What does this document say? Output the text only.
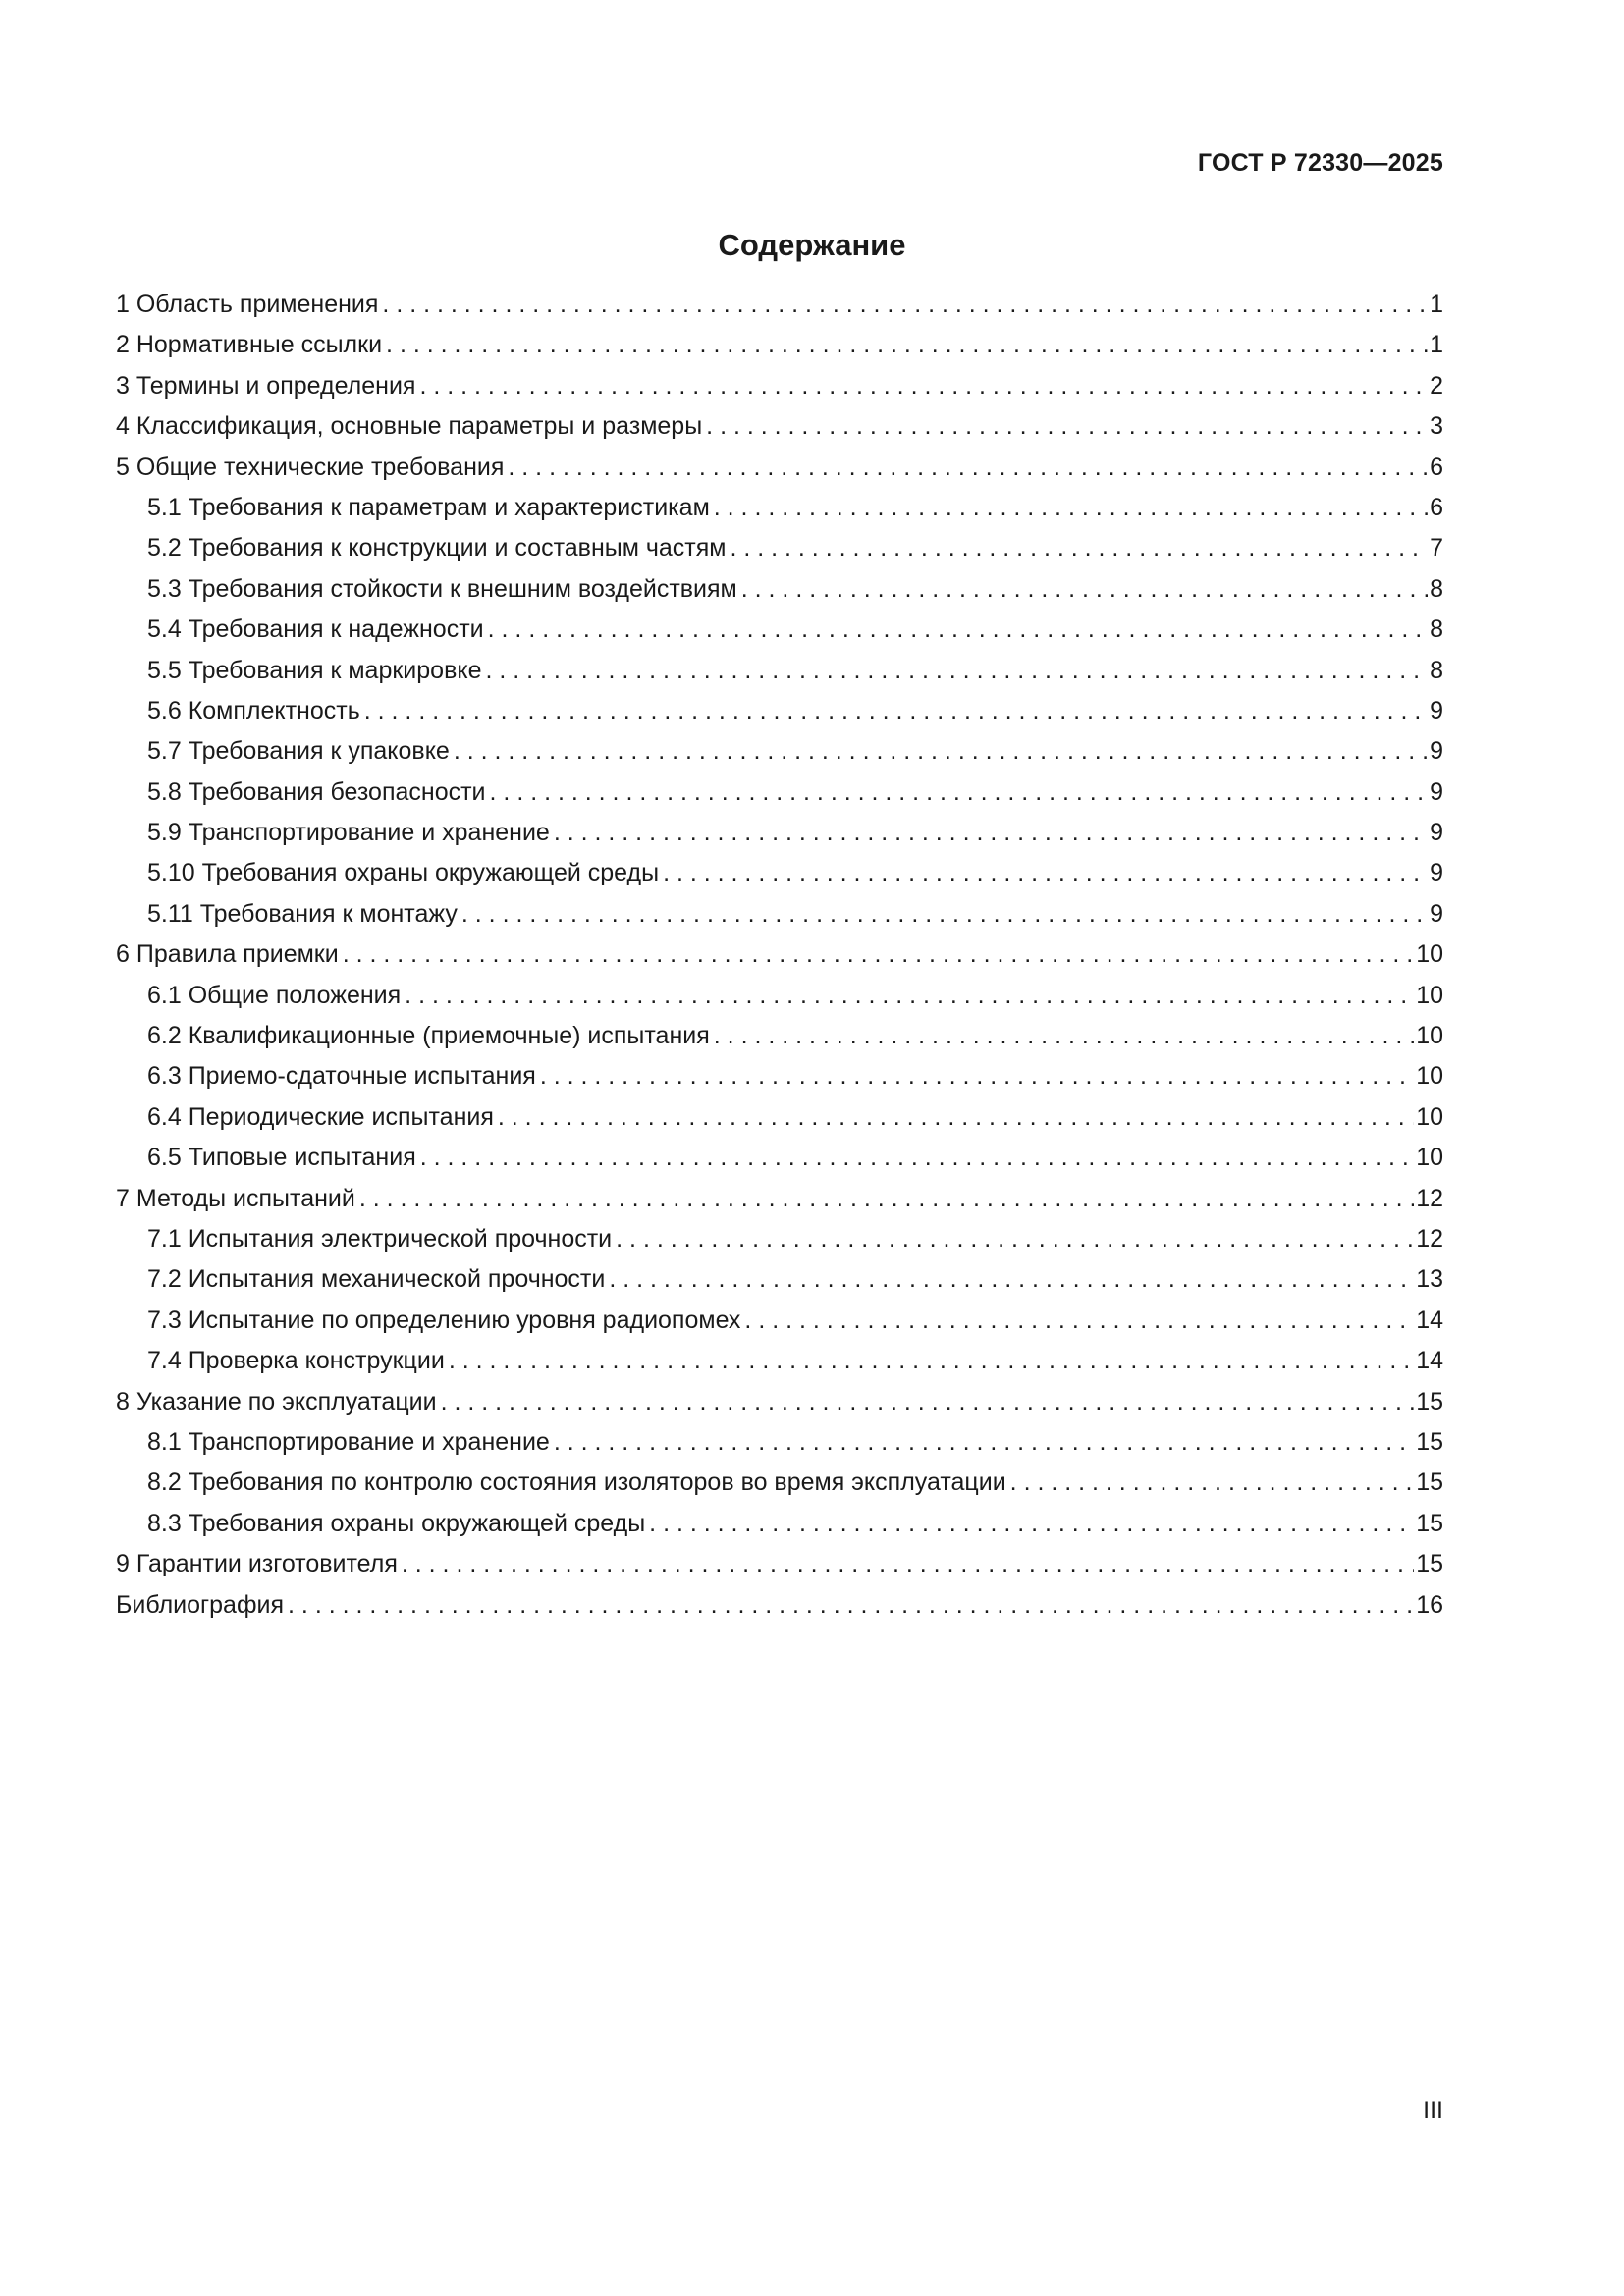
ГОСТ Р 72330—2025
Содержание
1 Область применения . . .	1
2 Нормативные ссылки . . .	1
3 Термины и определения . . .	2
4 Классификация, основные параметры и размеры . . .	3
5 Общие технические требования . . .	6
5.1 Требования к параметрам и характеристикам . . .	6
5.2 Требования к конструкции и составным частям . . .	7
5.3 Требования стойкости к внешним воздействиям . . .	8
5.4 Требования к надежности . . .	8
5.5 Требования к маркировке . . .	8
5.6 Комплектность . . .	9
5.7 Требования к упаковке . . .	9
5.8 Требования безопасности . . .	9
5.9 Транспортирование и хранение . . .	9
5.10 Требования охраны окружающей среды . . .	9
5.11 Требования к монтажу . . .	9
6 Правила приемки . . .	10
6.1 Общие положения . . .	10
6.2 Квалификационные (приемочные) испытания . . .	10
6.3 Приемо-сдаточные испытания . . .	10
6.4 Периодические испытания . . .	10
6.5 Типовые испытания . . .	10
7 Методы испытаний . . .	12
7.1 Испытания электрической прочности . . .	12
7.2 Испытания механической прочности . . .	13
7.3 Испытание по определению уровня радиопомех . . .	14
7.4 Проверка конструкции . . .	14
8 Указание по эксплуатации . . .	15
8.1 Транспортирование и хранение . . .	15
8.2 Требования по контролю состояния изоляторов во время эксплуатации . . .	15
8.3 Требования охраны окружающей среды . . .	15
9 Гарантии изготовителя . . .	15
Библиография . . .	16
III
